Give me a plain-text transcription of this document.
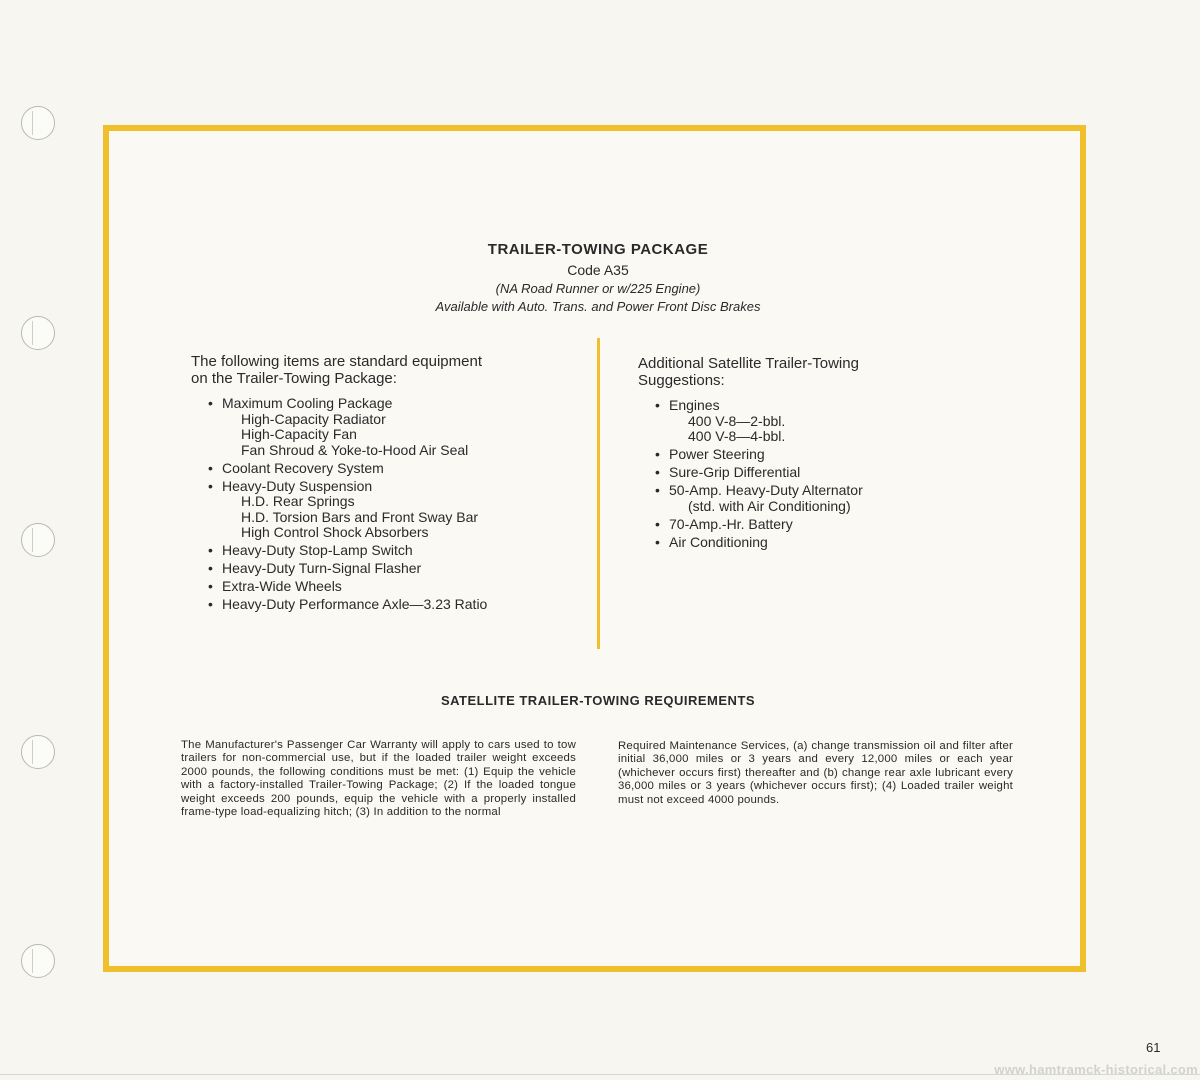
TRAILER-TOWING PACKAGE
Code A35
(NA Road Runner or w/225 Engine)
Available with Auto. Trans. and Power Front Disc Brakes
The following items are standard equipment
on the Trailer-Towing Package:
• Maximum Cooling Package
High-Capacity Radiator
High-Capacity Fan
Fan Shroud & Yoke-to-Hood Air Seal
• Coolant Recovery System
• Heavy-Duty Suspension
H.D. Rear Springs
H.D. Torsion Bars and Front Sway Bar
High Control Shock Absorbers
• Heavy-Duty Stop-Lamp Switch
• Heavy-Duty Turn-Signal Flasher
• Extra-Wide Wheels
• Heavy-Duty Performance Axle—3.23 Ratio
Additional Satellite Trailer-Towing
Suggestions:
• Engines
400 V-8—2-bbl.
400 V-8—4-bbl.
• Power Steering
• Sure-Grip Differential
• 50-Amp. Heavy-Duty Alternator
(std. with Air Conditioning)
• 70-Amp.-Hr. Battery
• Air Conditioning
SATELLITE TRAILER-TOWING REQUIREMENTS
The Manufacturer's Passenger Car Warranty will apply to cars used to tow trailers for non-commercial use, but if the loaded trailer weight exceeds 2000 pounds, the following conditions must be met: (1) Equip the vehicle with a factory-installed Trailer-Towing Package; (2) If the loaded tongue weight exceeds 200 pounds, equip the vehicle with a properly installed frame-type load-equalizing hitch; (3) In addition to the normal
Required Maintenance Services, (a) change transmission oil and filter after initial 36,000 miles or 3 years and every 12,000 miles or each year (whichever occurs first) thereafter and (b) change rear axle lubricant every 36,000 miles or 3 years (whichever occurs first); (4) Loaded trailer weight must not exceed 4000 pounds.
61
www.hamtramck-historical.com
